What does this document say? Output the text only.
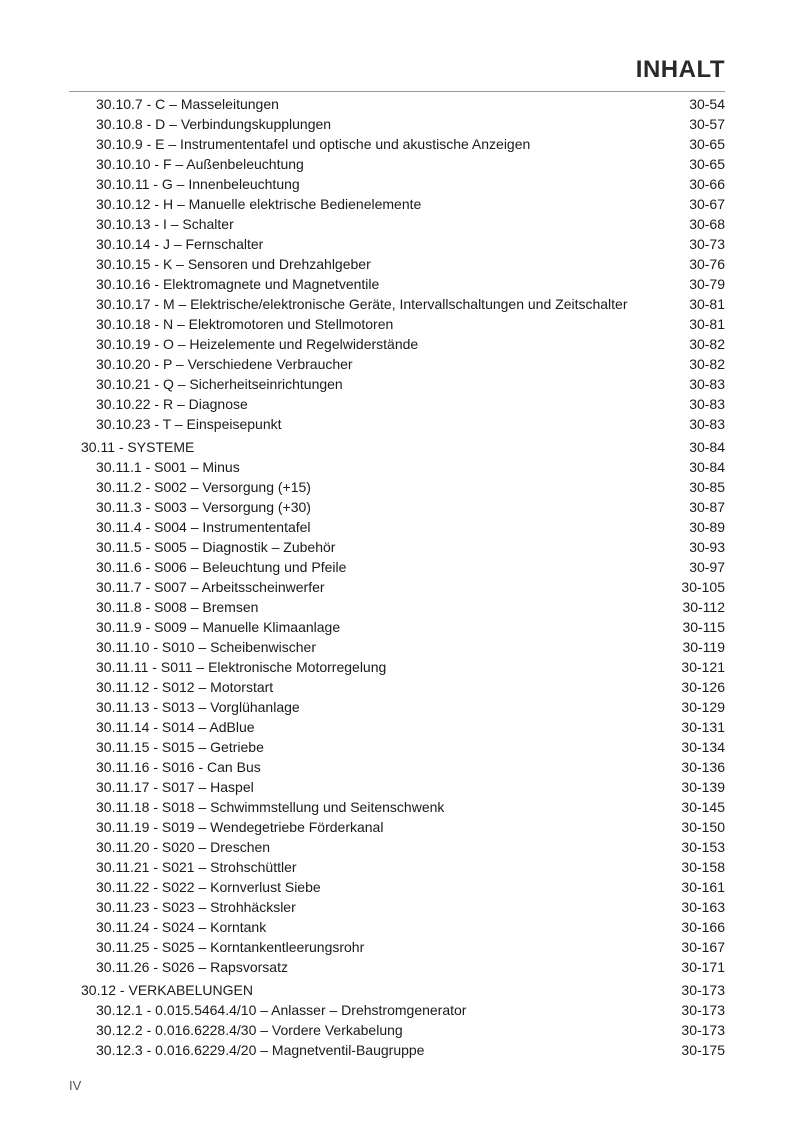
INHALT
30.10.7 - C – Masseleitungen	30-54
30.10.8 - D – Verbindungskupplungen	30-57
30.10.9 - E – Instrumententafel und optische und akustische Anzeigen	30-65
30.10.10 - F – Außenbeleuchtung	30-65
30.10.11 - G – Innenbeleuchtung	30-66
30.10.12 - H – Manuelle elektrische Bedienelemente	30-67
30.10.13 - I – Schalter	30-68
30.10.14 - J – Fernschalter	30-73
30.10.15 - K – Sensoren und Drehzahlgeber	30-76
30.10.16 - Elektromagnete und Magnetventile	30-79
30.10.17 - M – Elektrische/elektronische Geräte, Intervallschaltungen und Zeitschalter	30-81
30.10.18 - N – Elektromotoren und Stellmotoren	30-81
30.10.19 - O – Heizelemente und Regelwiderstände	30-82
30.10.20 - P – Verschiedene Verbraucher	30-82
30.10.21 - Q – Sicherheitseinrichtungen	30-83
30.10.22 - R – Diagnose	30-83
30.10.23 - T – Einspeisepunkt	30-83
30.11 - SYSTEME	30-84
30.11.1 - S001 – Minus	30-84
30.11.2 - S002 – Versorgung (+15)	30-85
30.11.3 - S003 – Versorgung (+30)	30-87
30.11.4 - S004 – Instrumententafel	30-89
30.11.5 - S005 – Diagnostik – Zubehör	30-93
30.11.6 - S006 – Beleuchtung und Pfeile	30-97
30.11.7 - S007 – Arbeitsscheinwerfer	30-105
30.11.8 - S008 – Bremsen	30-112
30.11.9 - S009 – Manuelle Klimaanlage	30-115
30.11.10 - S010 – Scheibenwischer	30-119
30.11.11 - S011 – Elektronische Motorregelung	30-121
30.11.12 - S012 – Motorstart	30-126
30.11.13 - S013 – Vorglühanlage	30-129
30.11.14 - S014 – AdBlue	30-131
30.11.15 - S015 – Getriebe	30-134
30.11.16 - S016 - Can Bus	30-136
30.11.17 - S017 – Haspel	30-139
30.11.18 - S018 – Schwimmstellung und Seitenschwenk	30-145
30.11.19 - S019 – Wendegetriebe Förderkanal	30-150
30.11.20 - S020 – Dreschen	30-153
30.11.21 - S021 – Strohschüttler	30-158
30.11.22 - S022 – Kornverlust Siebe	30-161
30.11.23 - S023 – Strohhäcksler	30-163
30.11.24 - S024 – Korntank	30-166
30.11.25 - S025 – Korntankentleerungsrohr	30-167
30.11.26 - S026 – Rapsvorsatz	30-171
30.12 - VERKABELUNGEN	30-173
30.12.1 - 0.015.5464.4/10 – Anlasser – Drehstromgenerator	30-173
30.12.2 - 0.016.6228.4/30 – Vordere Verkabelung	30-173
30.12.3 - 0.016.6229.4/20 – Magnetventil-Baugruppe	30-175
IV
